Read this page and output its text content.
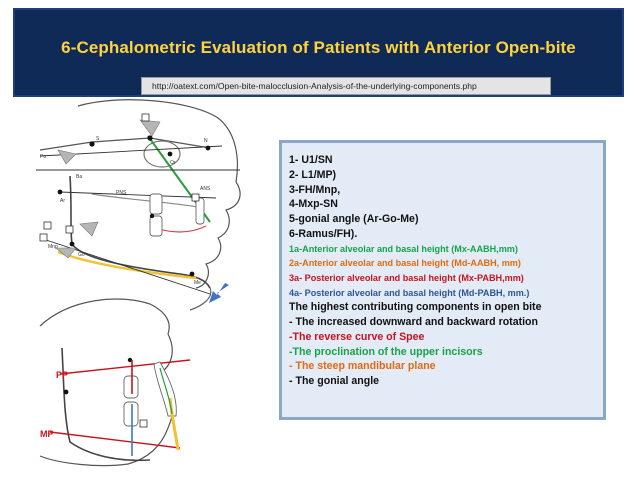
6-Cephalometric Evaluation of Patients with Anterior Open-bite
http://oatext.com/Open-bite-malocclusion-Analysis-of-the-underlying-components.php
Po
S	N
Or
Ba
PNS
ANS
Ar
Mnp
Go
Me
PP
MP
1- U1/SN
2- L1/MP)
3-FH/Mnp,
4-Mxp-SN
5-gonial angle (Ar-Go-Me)
6-Ramus/FH).
1a-Anterior alveolar and basal height (Mx-AABH,mm)
2a-Anterior alveolar and basal height (Md-AABH, mm)
3a- Posterior alveolar and basal height (Mx-PABH,mm)
4a- Posterior alveolar and basal height (Md-PABH, mm.)
The highest contributing components in open bite
- The increased downward and backward rotation
-The reverse curve of Spee
-The proclination of the upper incisors
- The steep mandibular plane
- The gonial angle
